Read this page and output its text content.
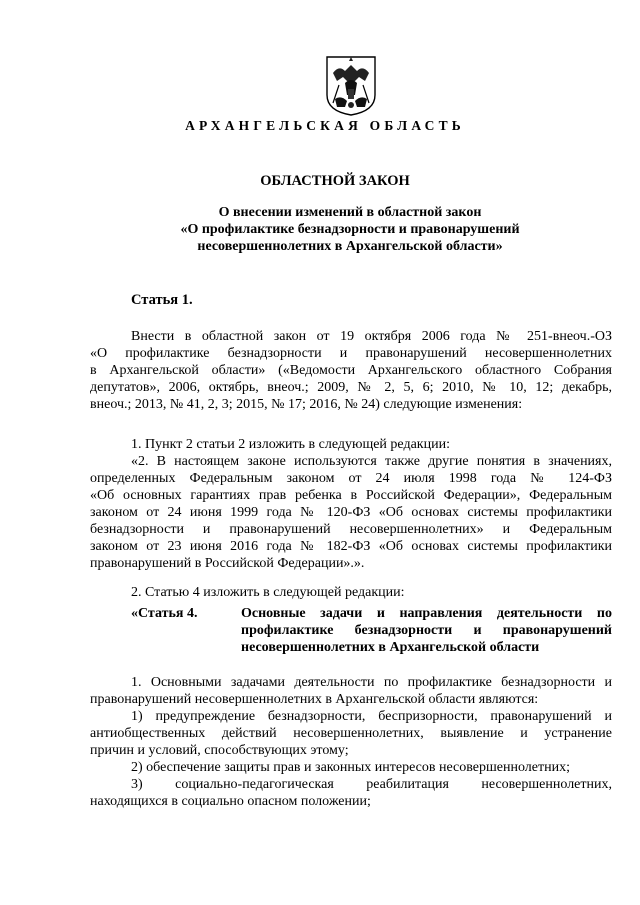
АРХАНГЕЛЬСКАЯ ОБЛАСТЬ
ОБЛАСТНОЙ ЗАКОН
О внесении изменений в областной закон
«О профилактике безнадзорности и правонарушений
несовершеннолетних в Архангельской области»
Статья 1.
Внести в областной закон от 19 октября 2006 года № 251-внеоч.-ОЗ
«О профилактике безнадзорности и правонарушений несовершеннолетних
в Архангельской области» («Ведомости Архангельского областного Собрания
депутатов», 2006, октябрь, внеоч.; 2009, № 2, 5, 6; 2010, № 10, 12; декабрь,
внеоч.; 2013, № 41, 2, 3; 2015, № 17; 2016, № 24) следующие изменения:
1. Пункт 2 статьи 2 изложить в следующей редакции:
«2. В настоящем законе используются также другие понятия в значениях,
определенных Федеральным законом от 24 июля 1998 года № 124-ФЗ
«Об основных гарантиях прав ребенка в Российской Федерации», Федеральным
законом от 24 июня 1999 года № 120-ФЗ «Об основах системы профилактики
безнадзорности и правонарушений несовершеннолетних» и Федеральным
законом от 23 июня 2016 года № 182-ФЗ «Об основах системы профилактики
правонарушений в Российской Федерации».».
2. Статью 4 изложить в следующей редакции:
«Статья 4.	Основные задачи и направления деятельности по
профилактике безнадзорности и правонарушений
несовершеннолетних в Архангельской области
1. Основными задачами деятельности по профилактике безнадзорности и
правонарушений несовершеннолетних в Архангельской области являются:
1) предупреждение безнадзорности, беспризорности, правонарушений и
антиобщественных действий несовершеннолетних, выявление и устранение
причин и условий, способствующих этому;
2) обеспечение защиты прав и законных интересов несовершеннолетних;
3) социально-педагогическая реабилитация несовершеннолетних,
находящихся в социально опасном положении;
